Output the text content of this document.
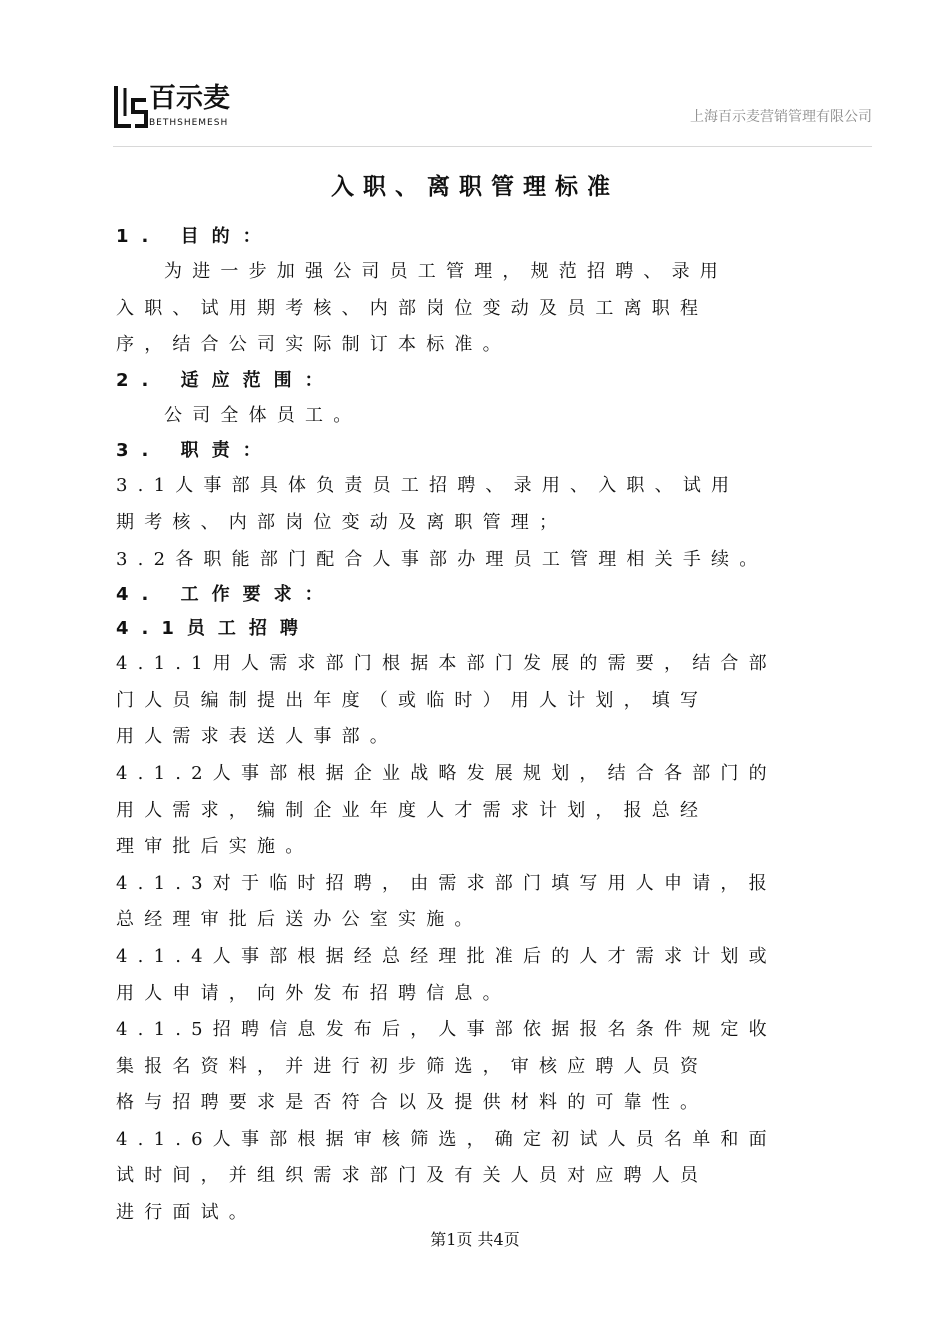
百示麦
BETHSHEMESH	上海百示麦营销管理有限公司
入职、离职管理标准
1. 目的：
为进一步加强公司员工管理，规范招聘、录用
入职、试用期考核、内部岗位变动及员工离职程
序，结合公司实际制订本标准。
2. 适应范围：
公司全体员工。
3. 职责：
3.1人事部具体负责员工招聘、录用、入职、试用
期考核、内部岗位变动及离职管理；
3.2各职能部门配合人事部办理员工管理相关手续。
4. 工作要求：
4.1员工招聘
4.1.1用人需求部门根据本部门发展的需要，结合部
门人员编制提出年度（或临时）用人计划，填写
用人需求表送人事部。
4.1.2人事部根据企业战略发展规划，结合各部门的
用人需求，编制企业年度人才需求计划，报总经
理审批后实施。
4.1.3对于临时招聘，由需求部门填写用人申请，报
总经理审批后送办公室实施。
4.1.4人事部根据经总经理批准后的人才需求计划或
用人申请，向外发布招聘信息。
4.1.5招聘信息发布后，人事部依据报名条件规定收
集报名资料，并进行初步筛选，审核应聘人员资
格与招聘要求是否符合以及提供材料的可靠性。
4.1.6人事部根据审核筛选，确定初试人员名单和面
试时间，并组织需求部门及有关人员对应聘人员
进行面试。
第1页 共4页
